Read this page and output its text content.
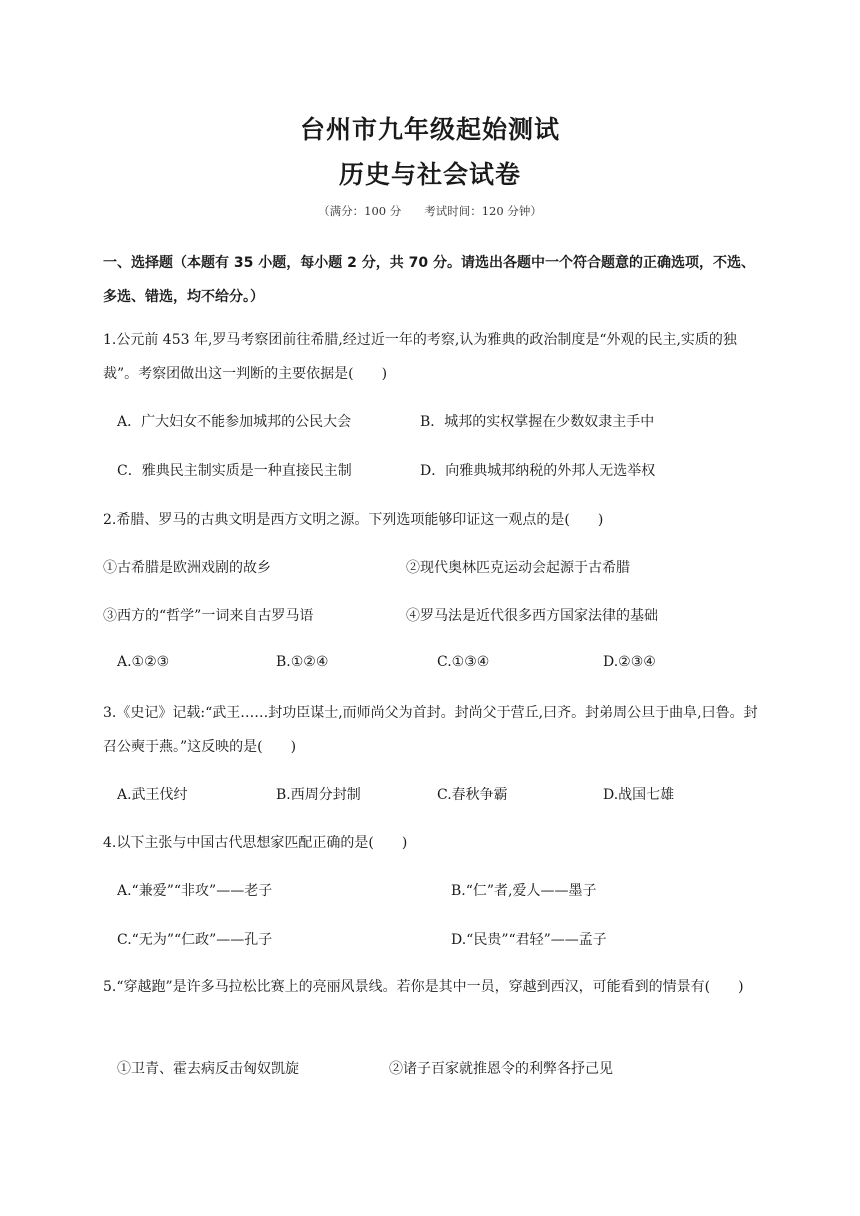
台州市九年级起始测试
历史与社会试卷
（满分：100 分　　考试时间：120 分钟）
一、选择题（本题有 35 小题，每小题 2 分，共 70 分。请选出各题中一个符合题意的正确选项，不选、多选、错选，均不给分。）
1.公元前 453 年,罗马考察团前往希腊,经过近一年的考察,认为雅典的政治制度是“外观的民主,实质的独裁”。考察团做出这一判断的主要依据是(　　)
A．广大妇女不能参加城邦的公民大会	B．城邦的实权掌握在少数奴隶主手中
C．雅典民主制实质是一种直接民主制	D．向雅典城邦纳税的外邦人无选举权
2.希腊、罗马的古典文明是西方文明之源。下列选项能够印证这一观点的是(　　)
①古希腊是欧洲戏剧的故乡	②现代奥林匹克运动会起源于古希腊
③西方的“哲学”一词来自古罗马语	④罗马法是近代很多西方国家法律的基础
A.①②③	B.①②④	C.①③④	D.②③④
3.《史记》记载:“武王……封功臣谋士,而师尚父为首封。封尚父于营丘,曰齐。封弟周公旦于曲阜,曰鲁。封召公奭于燕。”这反映的是(　　)
A.武王伐纣	B.西周分封制	C.春秋争霸	D.战国七雄
4.以下主张与中国古代思想家匹配正确的是(　　)
A.“兼爱”“非攻”——老子	B.“仁”者,爱人——墨子
C.“无为”“仁政”——孔子	D.“民贵”“君轻”——孟子
5.“穿越跑”是许多马拉松比赛上的亮丽风景线。若你是其中一员，穿越到西汉，可能看到的情景有(　　)
①卫青、霍去病反击匈奴凯旋	②诸子百家就推恩令的利弊各抒己见
